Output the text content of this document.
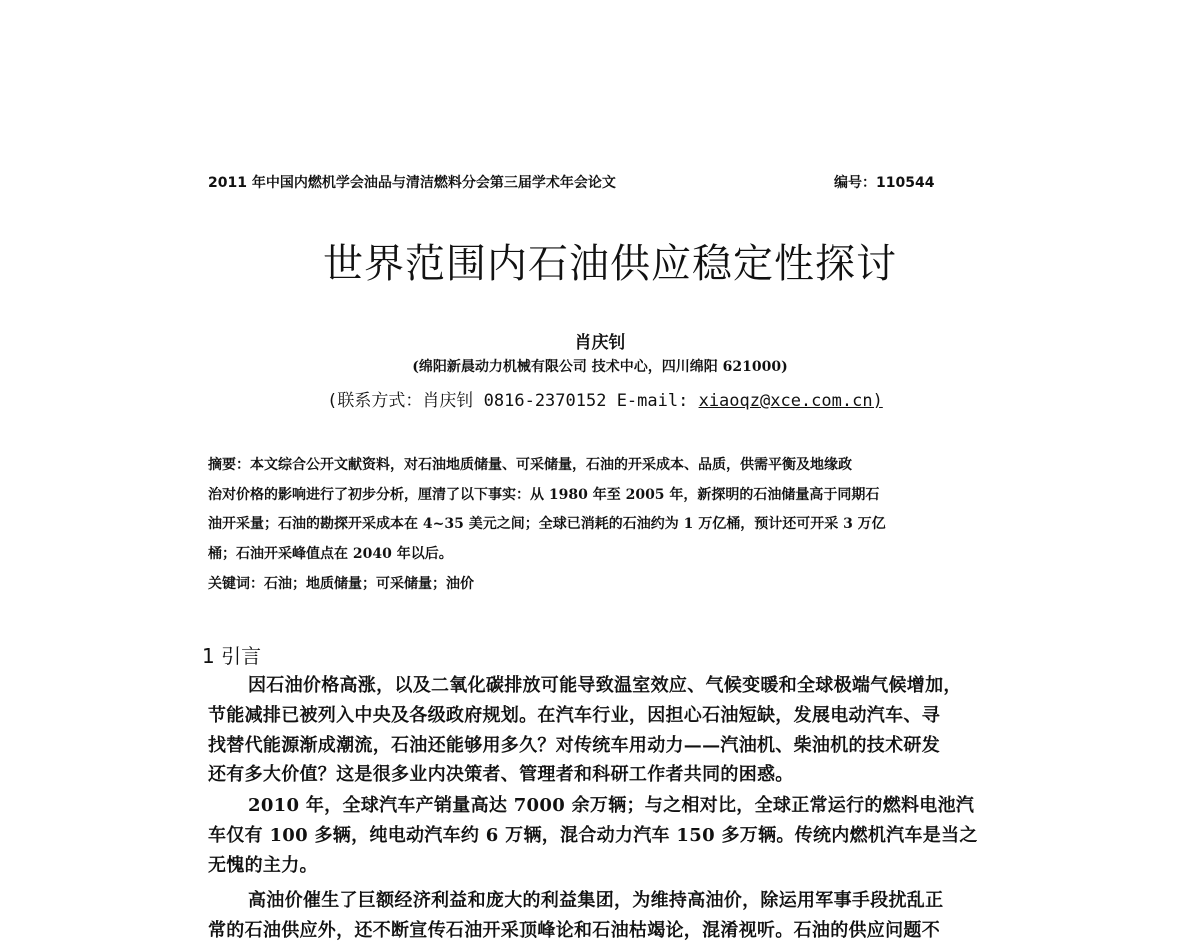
2011 年中国内燃机学会油品与清洁燃料分会第三届学术年会论文	编号：110544
世界范围内石油供应稳定性探讨
肖庆钊
(绵阳新晨动力机械有限公司 技术中心，四川绵阳 621000)
(联系方式：肖庆钊 0816-2370152 E-mail: xiaoqz@xce.com.cn)
摘要：本文综合公开文献资料，对石油地质储量、可采储量，石油的开采成本、品质，供需平衡及地缘政
治对价格的影响进行了初步分析，厘清了以下事实：从 1980 年至 2005 年，新探明的石油储量高于同期石
油开采量；石油的勘探开采成本在 4~35 美元之间；全球已消耗的石油约为 1 万亿桶，预计还可开采 3 万亿
桶；石油开采峰值点在 2040 年以后。
关键词：石油；地质储量；可采储量；油价
1 引言
因石油价格高涨，以及二氧化碳排放可能导致温室效应、气候变暖和全球极端气候增加，
节能减排已被列入中央及各级政府规划。在汽车行业，因担心石油短缺，发展电动汽车、寻
找替代能源渐成潮流，石油还能够用多久？对传统车用动力——汽油机、柴油机的技术研发
还有多大价值？这是很多业内决策者、管理者和科研工作者共同的困惑。
2010 年，全球汽车产销量高达 7000 余万辆；与之相对比，全球正常运行的燃料电池汽
车仅有 100 多辆，纯电动汽车约 6 万辆，混合动力汽车 150 多万辆。传统内燃机汽车是当之
无愧的主力。
高油价催生了巨额经济利益和庞大的利益集团，为维持高油价，除运用军事手段扰乱正
常的石油供应外，还不断宣传石油开采顶峰论和石油枯竭论，混淆视听。石油的供应问题不
